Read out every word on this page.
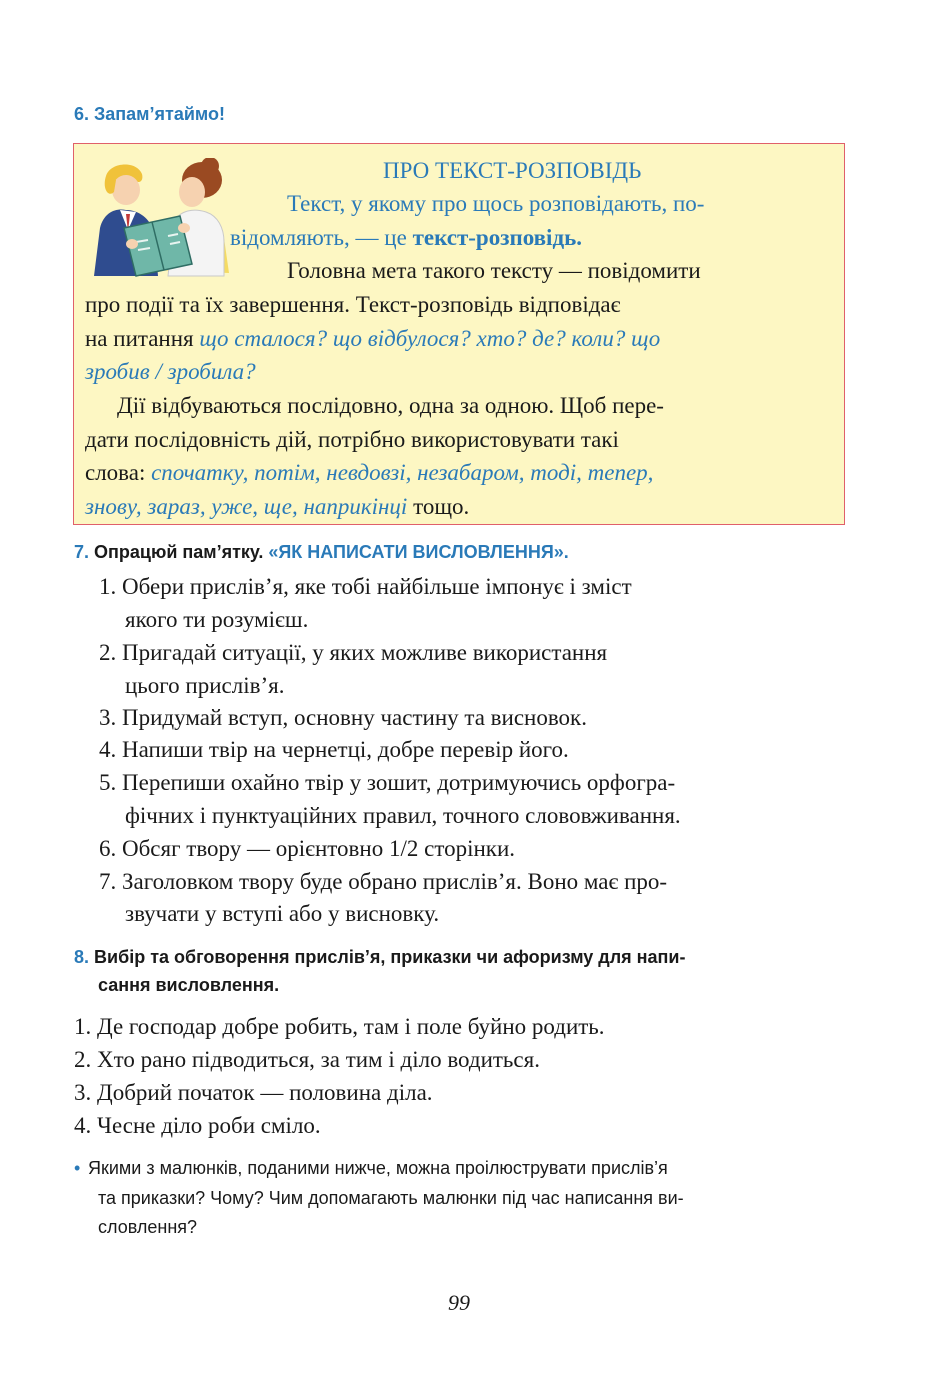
6. Запам’ятаймо!
ПРО ТЕКСТ-РОЗПОВІДЬ
Текст, у якому про щось розповідають, по-
відомляють, — це текст-розповідь.
Головна мета такого тексту — повідомити
про події та їх завершення. Текст-розповідь відповідає
на питання що сталося? що відбулося? хто? де? коли? що
зробив / зробила?
Дії відбуваються послідовно, одна за одною. Щоб пере-
дати послідовність дій, потрібно використовувати такі
слова: спочатку, потім, невдовзі, незабаром, тоді, тепер,
знову, зараз, уже, ще, наприкінці тощо.
7. Опрацюй пам’ятку. «ЯК НАПИСАТИ ВИСЛОВЛЕННЯ».
1. Обери прислів’я, яке тобі найбільше імпонує і зміст
якого ти розумієш.
2. Пригадай ситуації, у яких можливе використання
цього прислів’я.
3. Придумай вступ, основну частину та висновок.
4. Напиши твір на чернетці, добре перевір його.
5. Перепиши охайно твір у зошит, дотримуючись орфогра-
фічних і пунктуаційних правил, точного слововживання.
6. Обсяг твору — орієнтовно 1/2 сторінки.
7. Заголовком твору буде обрано прислів’я. Воно має про-
звучати у вступі або у висновку.
8. Вибір та обговорення прислів’я, приказки чи афоризму для напи-
сання висловлення.
1. Де господар добре робить, там і поле буйно родить.
2. Хто рано підводиться, за тим і діло водиться.
3. Добрий початок — половина діла.
4. Чесне діло роби сміло.
• Якими з малюнків, поданими нижче, можна проілюструвати прислів’я
та приказки? Чому? Чим допомагають малюнки під час написання ви-
словлення?
99
